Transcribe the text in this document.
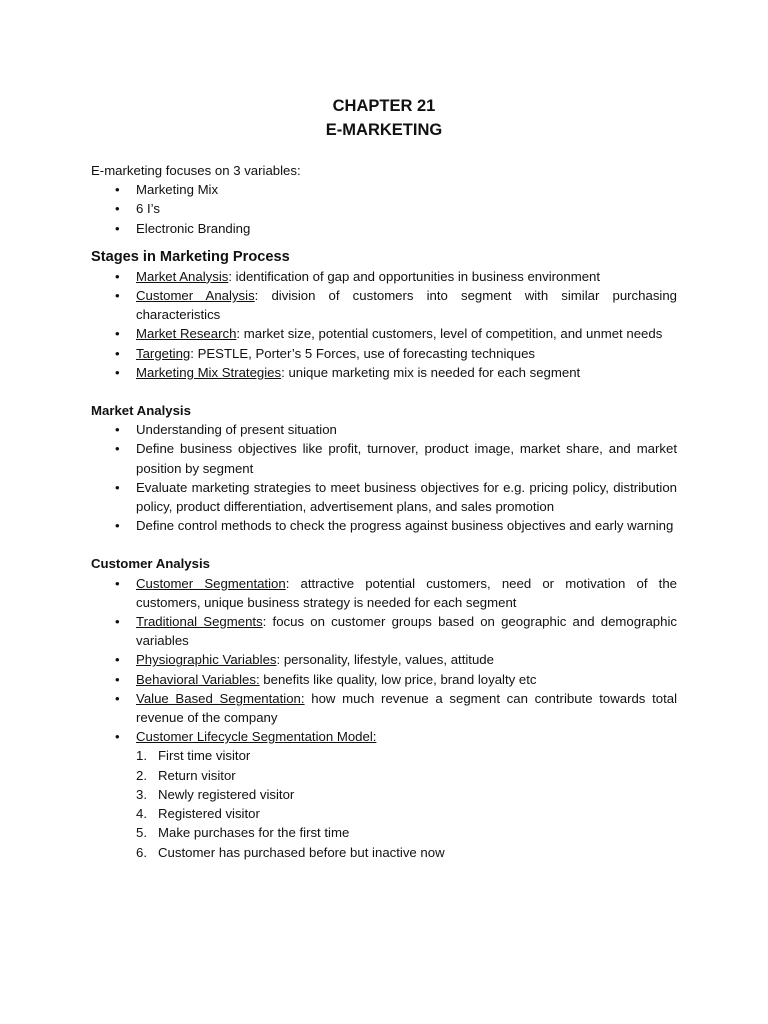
CHAPTER 21
E-MARKETING
E-marketing focuses on 3 variables:
• Marketing Mix
• 6 I’s
• Electronic Branding
Stages in Marketing Process
• Market Analysis: identification of gap and opportunities in business environment
• Customer Analysis: division of customers into segment with similar purchasing characteristics
• Market Research: market size, potential customers, level of competition, and unmet needs
• Targeting: PESTLE, Porter’s 5 Forces, use of forecasting techniques
• Marketing Mix Strategies: unique marketing mix is needed for each segment
Market Analysis
• Understanding of present situation
• Define business objectives like profit, turnover, product image, market share, and market position by segment
• Evaluate marketing strategies to meet business objectives for e.g. pricing policy, distribution policy, product differentiation, advertisement plans, and sales promotion
• Define control methods to check the progress against business objectives and early warning
Customer Analysis
• Customer Segmentation: attractive potential customers, need or motivation of the customers, unique business strategy is needed for each segment
• Traditional Segments: focus on customer groups based on geographic and demographic variables
• Physiographic Variables: personality, lifestyle, values, attitude
• Behavioral Variables: benefits like quality, low price, brand loyalty etc
• Value Based Segmentation: how much revenue a segment can contribute towards total revenue of the company
• Customer Lifecycle Segmentation Model:
1. First time visitor
2. Return visitor
3. Newly registered visitor
4. Registered visitor
5. Make purchases for the first time
6. Customer has purchased before but inactive now
